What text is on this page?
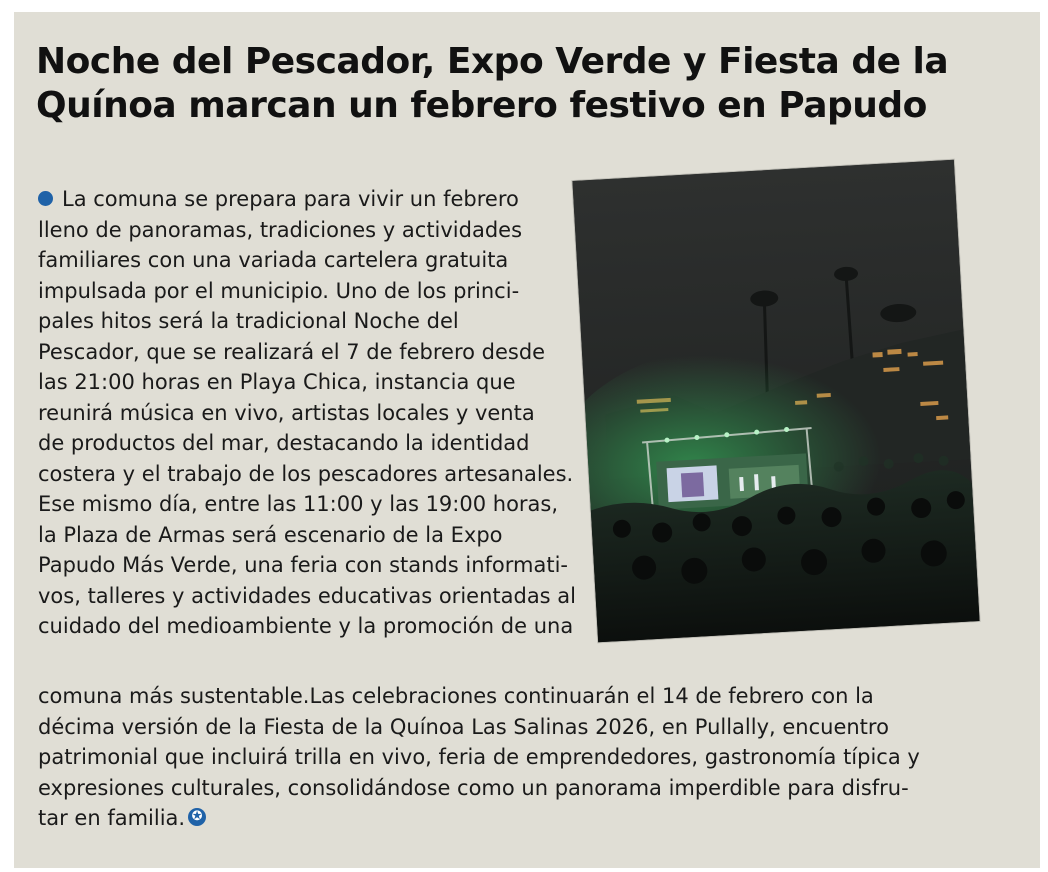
Noche del Pescador, Expo Verde y Fiesta de la
Quínoa marcan un febrero festivo en Papudo
La comuna se prepara para vivir un febrero
lleno de panoramas, tradiciones y actividades
familiares con una variada cartelera gratuita
impulsada por el municipio. Uno de los princi-
pales hitos será la tradicional Noche del
Pescador, que se realizará el 7 de febrero desde
las 21:00 horas en Playa Chica, instancia que
reunirá música en vivo, artistas locales y venta
de productos del mar, destacando la identidad
costera y el trabajo de los pescadores artesanales.
Ese mismo día, entre las 11:00 y las 19:00 horas,
la Plaza de Armas será escenario de la Expo
Papudo Más Verde, una feria con stands informati-
vos, talleres y actividades educativas orientadas al
cuidado del medioambiente y la promoción de una
comuna más sustentable.Las celebraciones continuarán el 14 de febrero con la
décima versión de la Fiesta de la Quínoa Las Salinas 2026, en Pullally, encuentro
patrimonial que incluirá trilla en vivo, feria de emprendedores, gastronomía típica y
expresiones culturales, consolidándose como un panorama imperdible para disfru-
tar en familia. ✪
